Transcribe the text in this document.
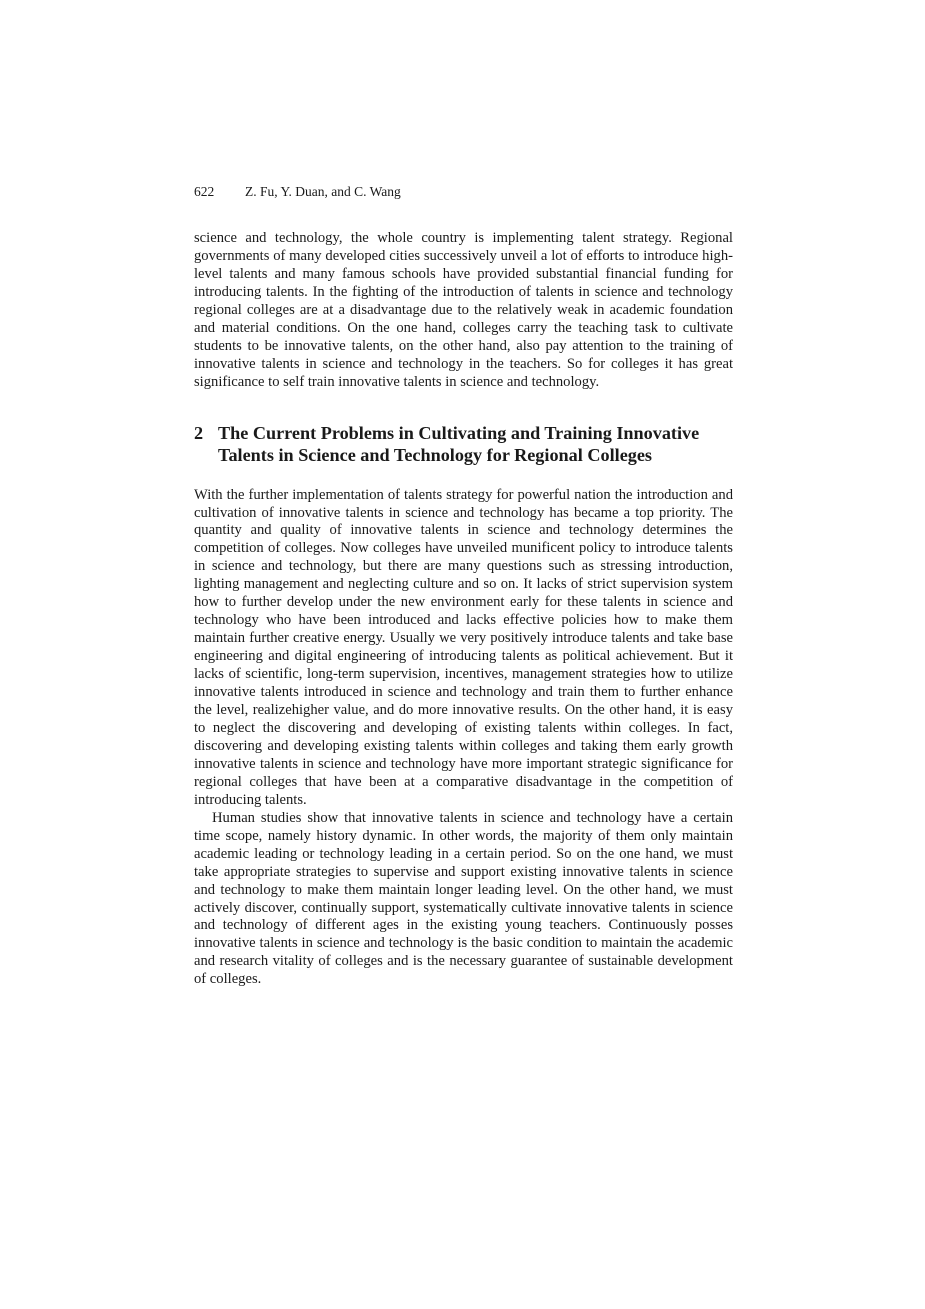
622 Z. Fu, Y. Duan, and C. Wang

science and technology, the whole country is implementing talent strategy. Regional governments of many developed cities successively unveil a lot of efforts to introduce high-level talents and many famous schools have provided substantial financial funding for introducing talents. In the fighting of the introduction of talents in science and technology regional colleges are at a disadvantage due to the relatively weak in academic foundation and material conditions. On the one hand, colleges carry the teaching task to cultivate students to be innovative talents, on the other hand, also pay attention to the training of innovative talents in science and technology in the teachers. So for colleges it has great significance to self train innovative talents in science and technology.

2 The Current Problems in Cultivating and Training Innovative Talents in Science and Technology for Regional Colleges

With the further implementation of talents strategy for powerful nation the introduction and cultivation of innovative talents in science and technology has became a top priority. The quantity and quality of innovative talents in science and technology determines the competition of colleges. Now colleges have unveiled munificent policy to introduce talents in science and technology, but there are many questions such as stressing introduction, lighting management and neglecting culture and so on. It lacks of strict supervision system how to further develop under the new environment early for these talents in science and technology who have been introduced and lacks effective policies how to make them maintain further creative energy. Usually we very positively introduce talents and take base engineering and digital engineering of introducing talents as political achievement. But it lacks of scientific, long-term supervision, incentives, management strategies how to utilize innovative talents introduced in science and technology and train them to further enhance the level, realizehigher value, and do more innovative results. On the other hand, it is easy to neglect the discovering and developing of existing talents within colleges. In fact, discovering and developing existing talents within colleges and taking them early growth innovative talents in science and technology have more important strategic significance for regional colleges that have been at a comparative disadvantage in the competition of introducing talents.

Human studies show that innovative talents in science and technology have a certain time scope, namely history dynamic. In other words, the majority of them only maintain academic leading or technology leading in a certain period. So on the one hand, we must take appropriate strategies to supervise and support existing innovative talents in science and technology to make them maintain longer leading level. On the other hand, we must actively discover, continually support, systematically cultivate innovative talents in science and technology of different ages in the existing young teachers. Continuously posses innovative talents in science and technology is the basic condition to maintain the academic and research vitality of colleges and is the necessary guarantee of sustainable development of colleges.
